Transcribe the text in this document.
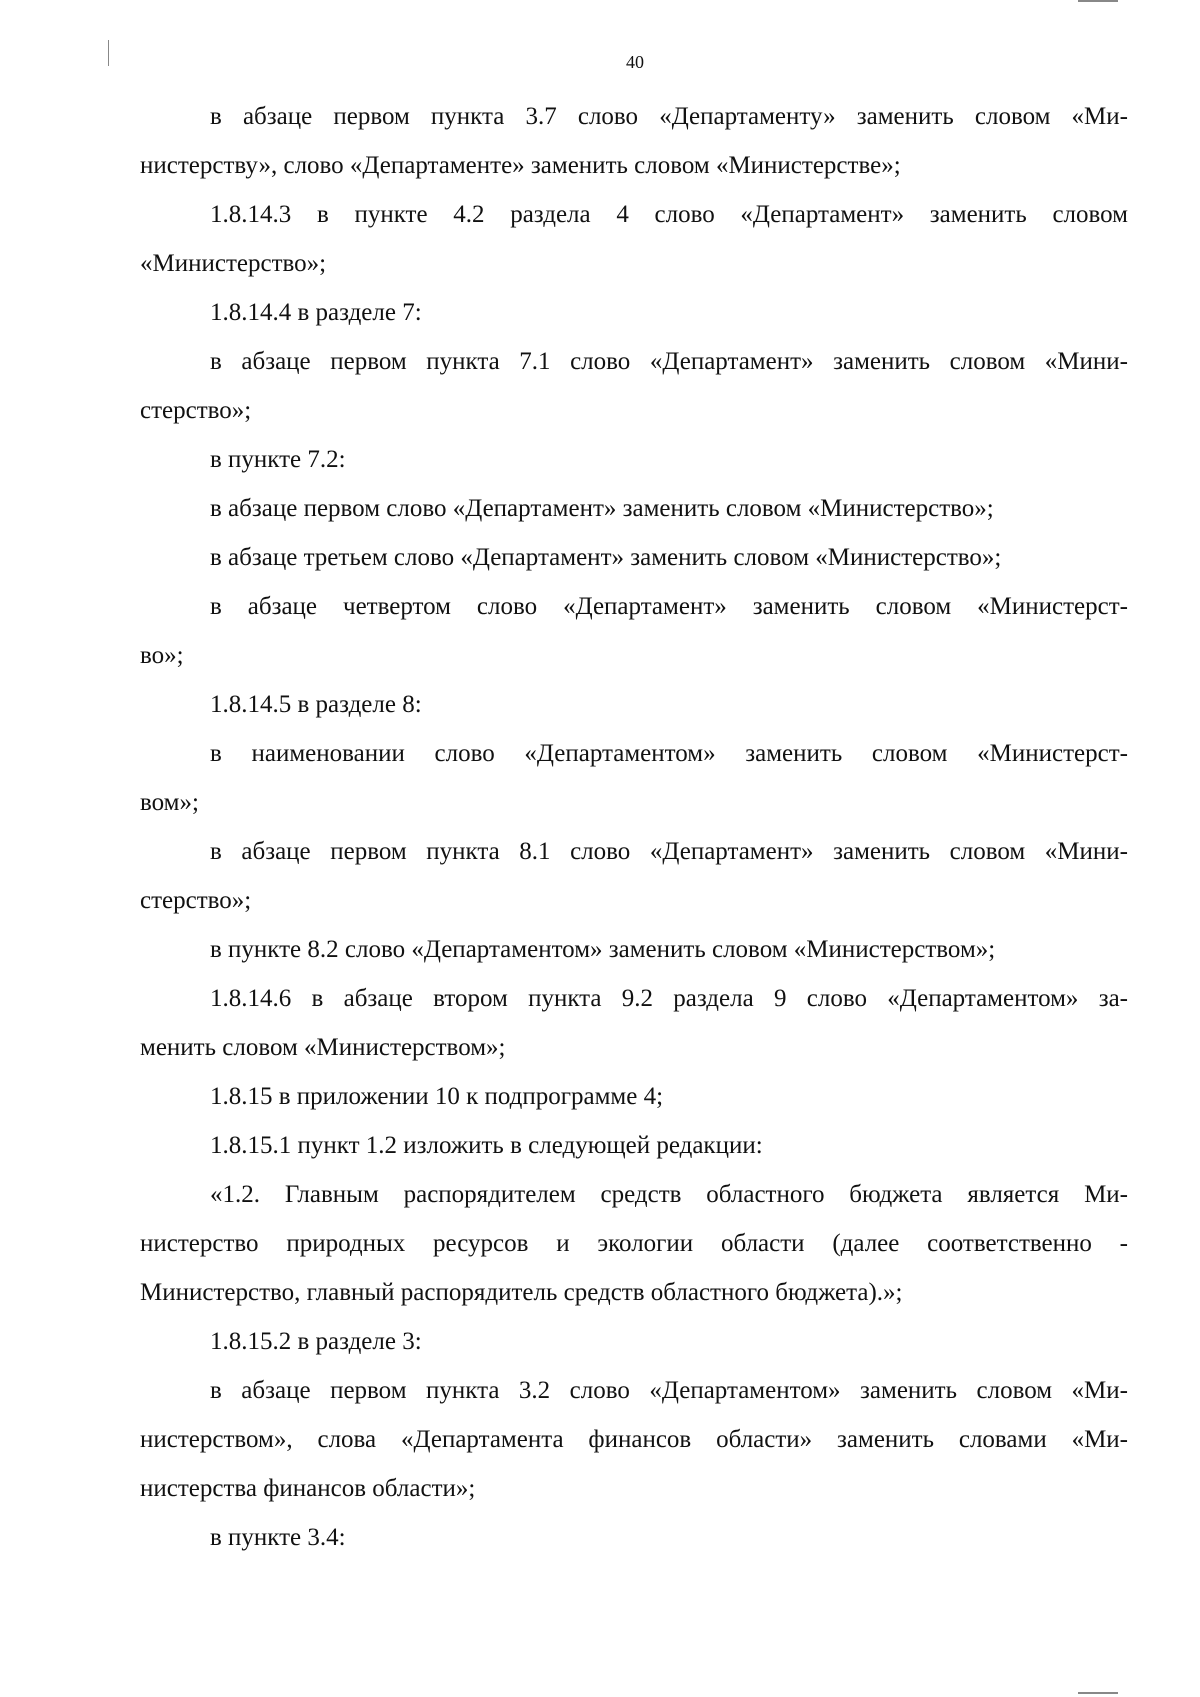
40
в абзаце первом пункта 3.7 слово «Департаменту» заменить словом «Ми-
нистерству», слово «Департаменте» заменить словом «Министерстве»;
1.8.14.3 в пункте 4.2 раздела 4 слово «Департамент» заменить словом
«Министерство»;
1.8.14.4 в разделе 7:
в абзаце первом пункта 7.1 слово «Департамент» заменить словом «Мини-
стерство»;
в пункте 7.2:
в абзаце первом слово «Департамент» заменить словом «Министерство»;
в абзаце третьем слово «Департамент» заменить словом «Министерство»;
в абзаце четвертом слово «Департамент» заменить словом «Министерст-
во»;
1.8.14.5 в разделе 8:
в наименовании слово «Департаментом» заменить словом «Министерст-
вом»;
в абзаце первом пункта 8.1 слово «Департамент» заменить словом «Мини-
стерство»;
в пункте 8.2 слово «Департаментом» заменить словом «Министерством»;
1.8.14.6 в абзаце втором пункта 9.2 раздела 9 слово «Департаментом» за-
менить словом «Министерством»;
1.8.15 в приложении 10 к подпрограмме 4;
1.8.15.1 пункт 1.2 изложить в следующей редакции:
«1.2. Главным распорядителем средств областного бюджета является Ми-
нистерство природных ресурсов и экологии области (далее соответственно -
Министерство, главный распорядитель средств областного бюджета).»;
1.8.15.2 в разделе 3:
в абзаце первом пункта 3.2 слово «Департаментом» заменить словом «Ми-
нистерством», слова «Департамента финансов области» заменить словами «Ми-
нистерства финансов области»;
в пункте 3.4:
